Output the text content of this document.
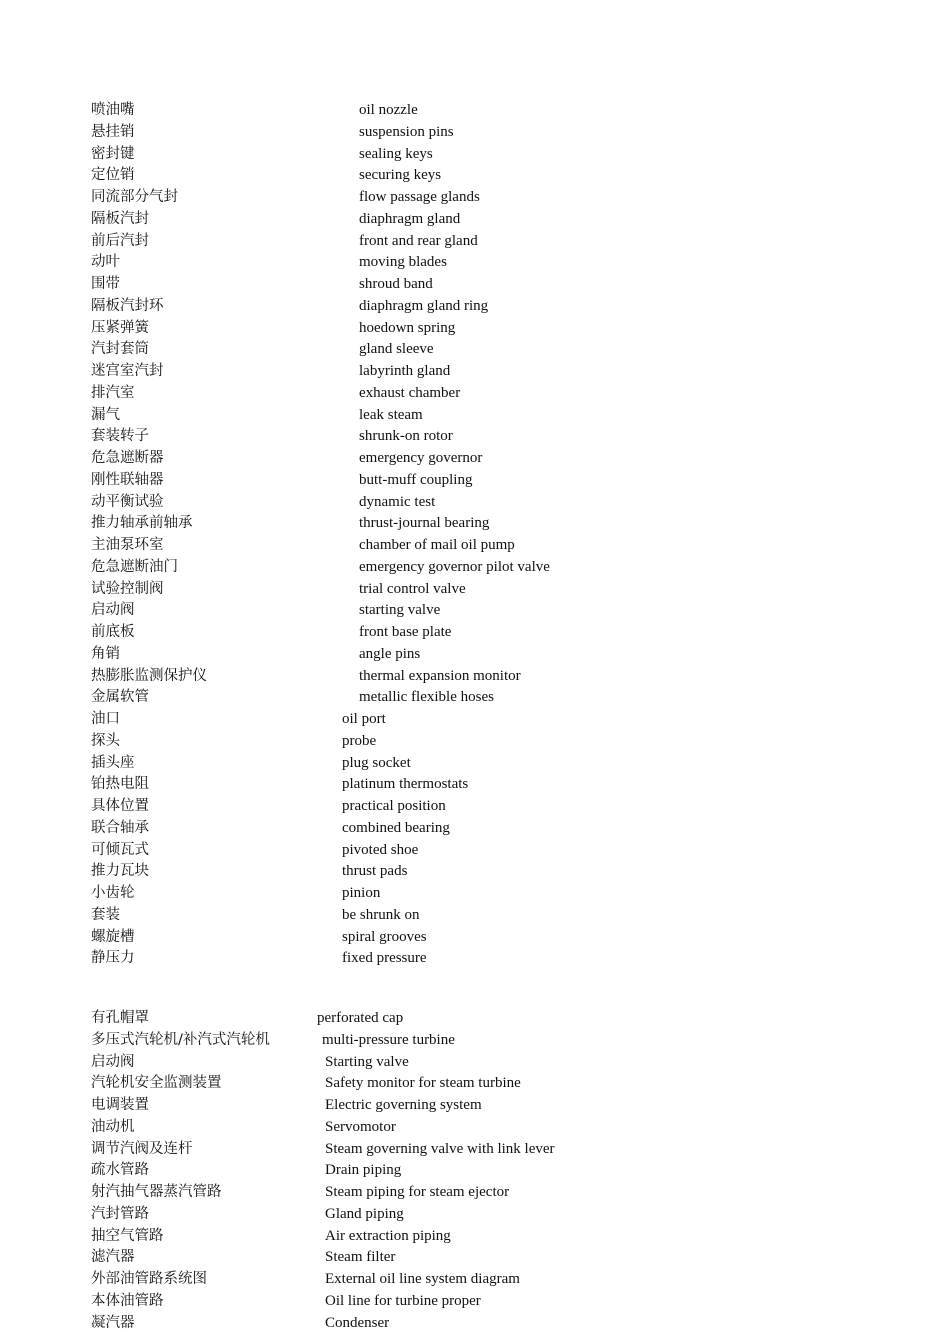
喷油嘴	oil nozzle
悬挂销	suspension pins
密封键	sealing keys
定位销	securing keys
同流部分气封	flow passage glands
隔板汽封	diaphragm gland
前后汽封	front and rear gland
动叶	moving blades
围带	shroud band
隔板汽封环	diaphragm gland ring
压紧弹簧	hoedown spring
汽封套筒	gland sleeve
迷宫室汽封	labyrinth gland
排汽室	exhaust chamber
漏气	leak steam
套装转子	shrunk-on rotor
危急遮断器	emergency governor
刚性联轴器	butt-muff coupling
动平衡试验	dynamic test
推力轴承前轴承	thrust-journal bearing
主油泵环室	chamber of mail oil pump
危急遮断油门	emergency governor pilot valve
试验控制阀	trial control valve
启动阀	starting valve
前底板	front base plate
角销	angle pins
热膨胀监测保护仪	thermal expansion monitor
金属软管	metallic flexible hoses
油口	oil port
探头	probe
插头座	plug socket
铂热电阻	platinum thermostats
具体位置	practical position
联合轴承	combined bearing
可倾瓦式	pivoted shoe
推力瓦块	thrust pads
小齿轮	pinion
套装	be shrunk on
螺旋槽	spiral grooves
静压力	fixed pressure
有孔帽罩	perforated cap
多压式汽轮机/补汽式汽轮机	multi-pressure turbine
启动阀	Starting valve
汽轮机安全监测装置	Safety monitor for steam turbine
电调装置	Electric governing system
油动机	Servomotor
调节汽阀及连杆	Steam governing valve with link lever
疏水管路	Drain piping
射汽抽气器蒸汽管路	Steam piping for steam ejector
汽封管路	Gland piping
抽空气管路	Air extraction piping
滤汽器	Steam filter
外部油管路系统图	External oil line system diagram
本体油管路	Oil line for turbine proper
凝汽器	Condenser
